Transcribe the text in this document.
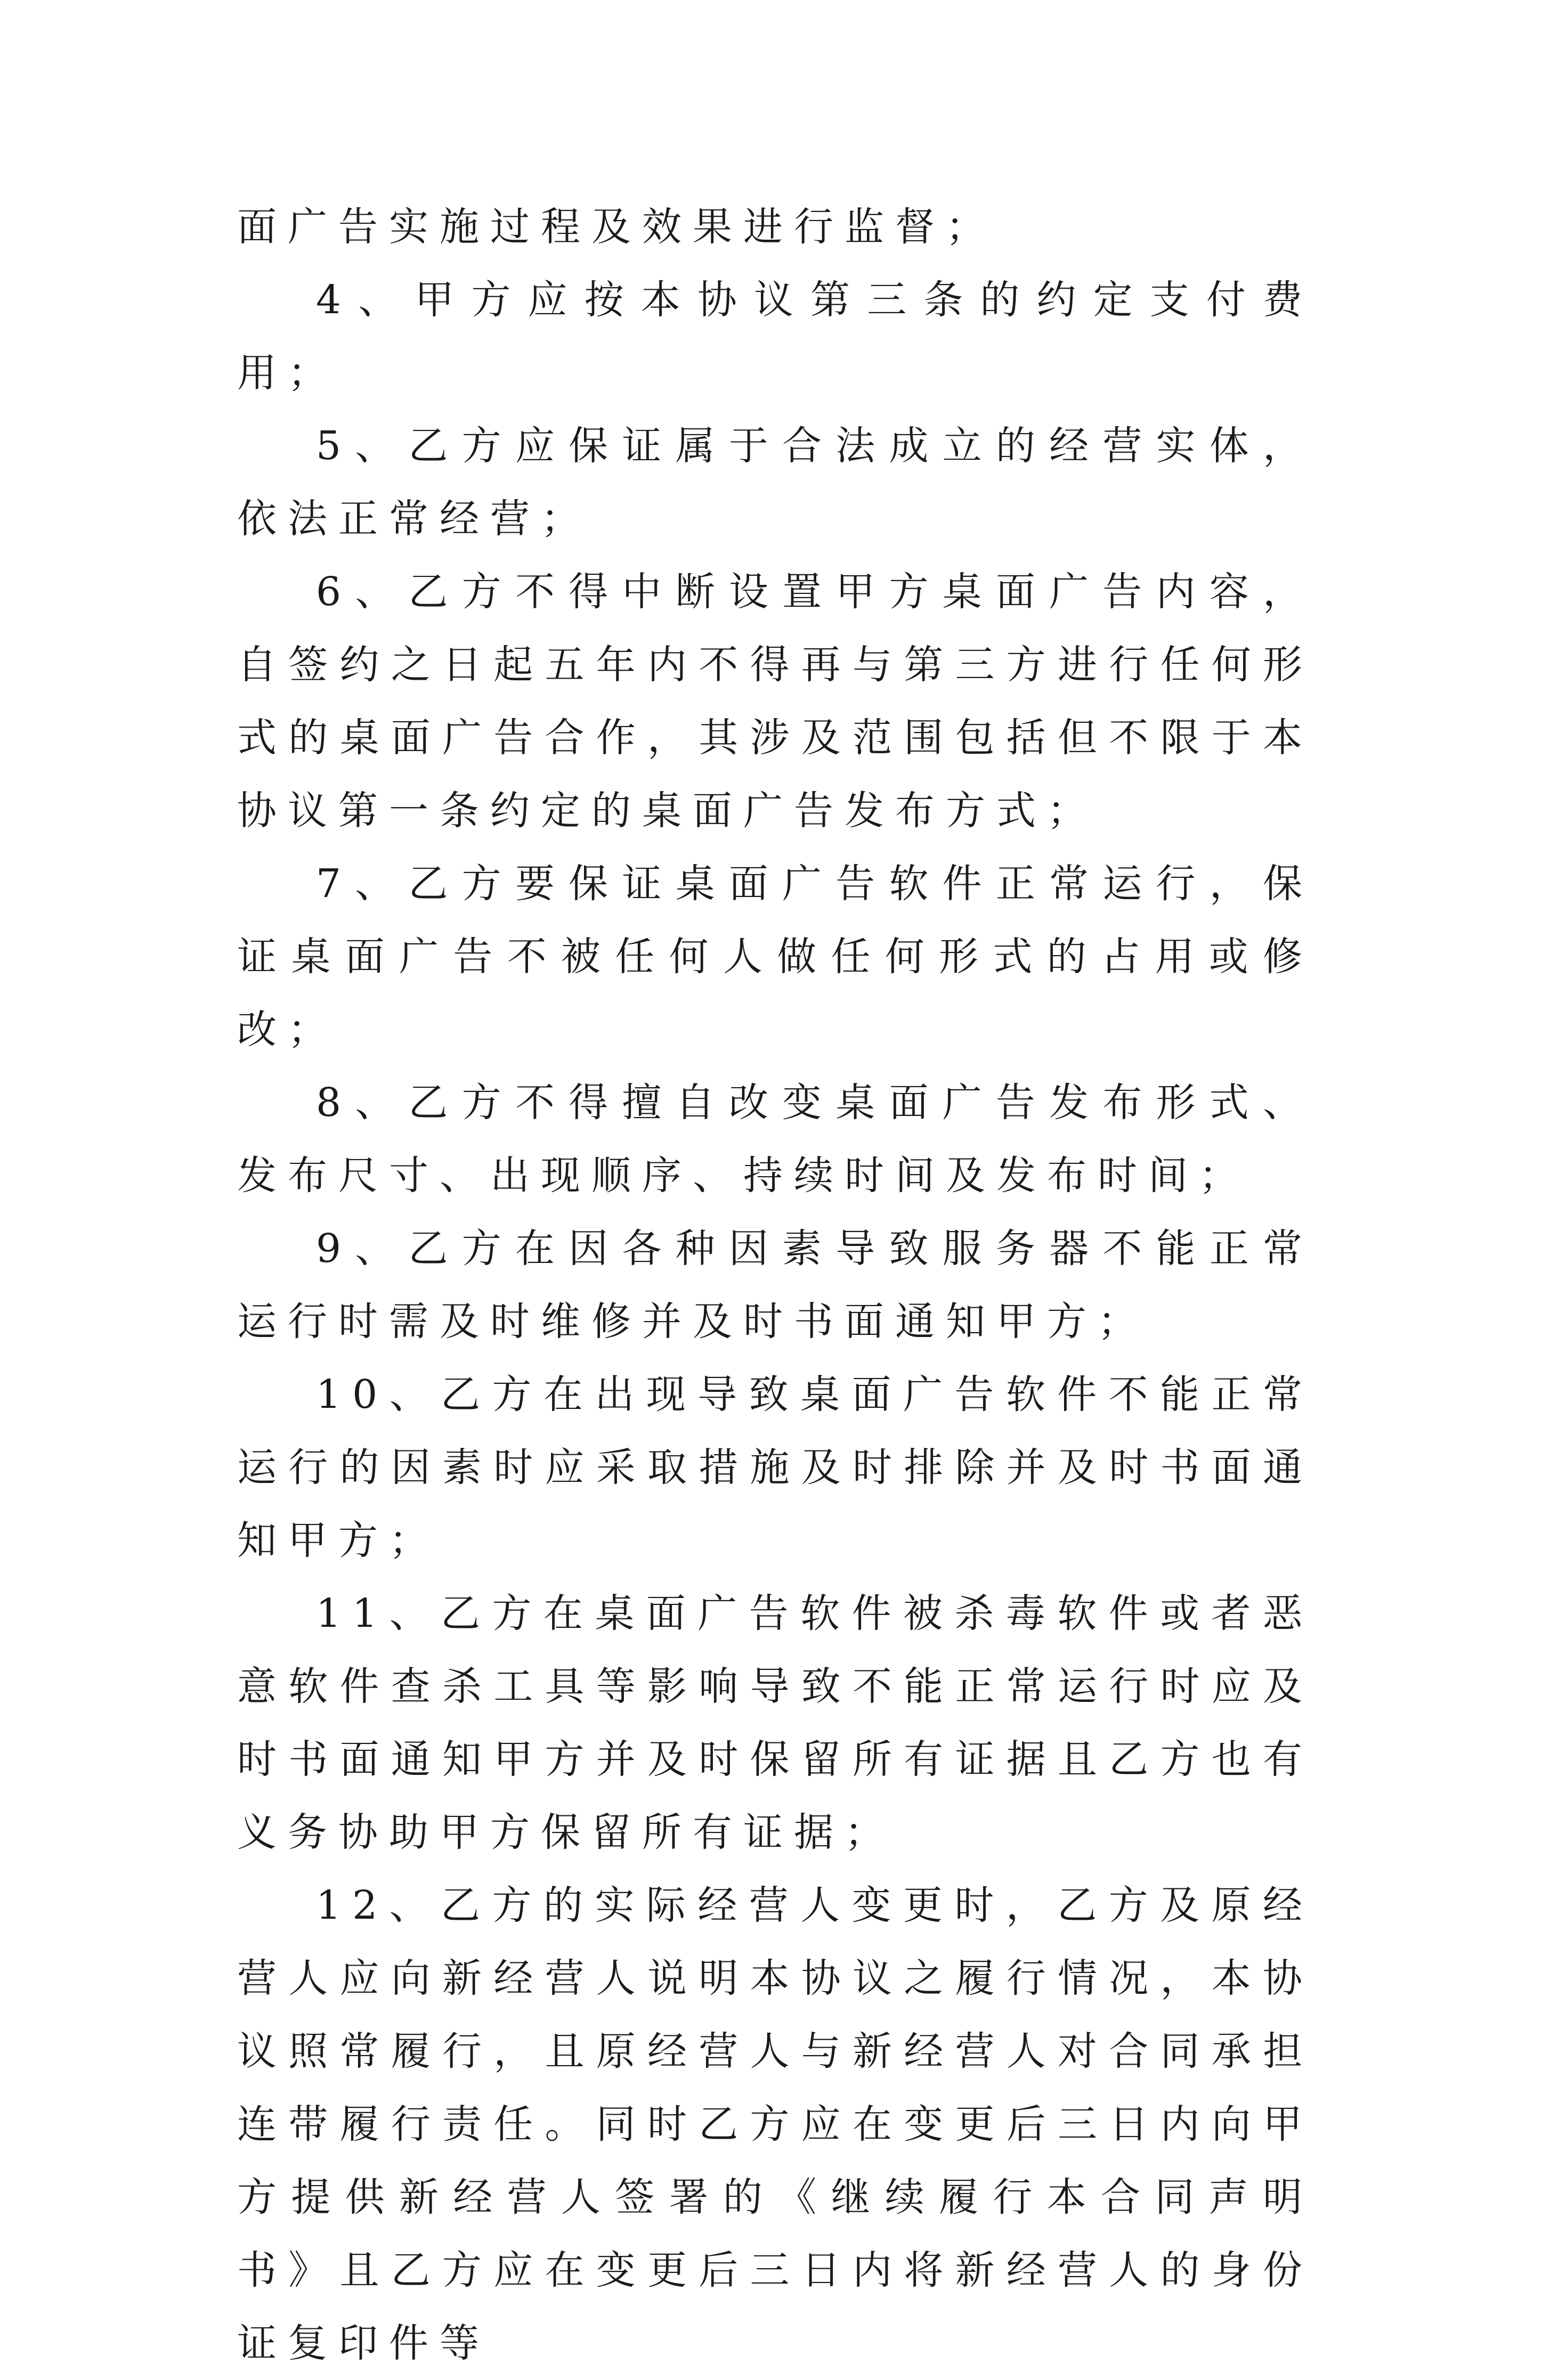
面广告实施过程及效果进行监督；

4、甲方应按本协议第三条的约定支付费用；

5、乙方应保证属于合法成立的经营实体，依法正常经营；

6、乙方不得中断设置甲方桌面广告内容，自签约之日起五年内不得再与第三方进行任何形式的桌面广告合作，其涉及范围包括但不限于本协议第一条约定的桌面广告发布方式；

7、乙方要保证桌面广告软件正常运行，保证桌面广告不被任何人做任何形式的占用或修改；

8、乙方不得擅自改变桌面广告发布形式、发布尺寸、出现顺序、持续时间及发布时间；

9、乙方在因各种因素导致服务器不能正常运行时需及时维修并及时书面通知甲方；

10、乙方在出现导致桌面广告软件不能正常运行的因素时应采取措施及时排除并及时书面通知甲方；

11、乙方在桌面广告软件被杀毒软件或者恶意软件查杀工具等影响导致不能正常运行时应及时书面通知甲方并及时保留所有证据且乙方也有义务协助甲方保留所有证据；

12、乙方的实际经营人变更时，乙方及原经营人应向新经营人说明本协议之履行情况，本协议照常履行，且原经营人与新经营人对合同承担连带履行责任。同时乙方应在变更后三日内向甲方提供新经营人签署的《继续履行本合同声明书》且乙方应在变更后三日内将新经营人的身份证复印件等
